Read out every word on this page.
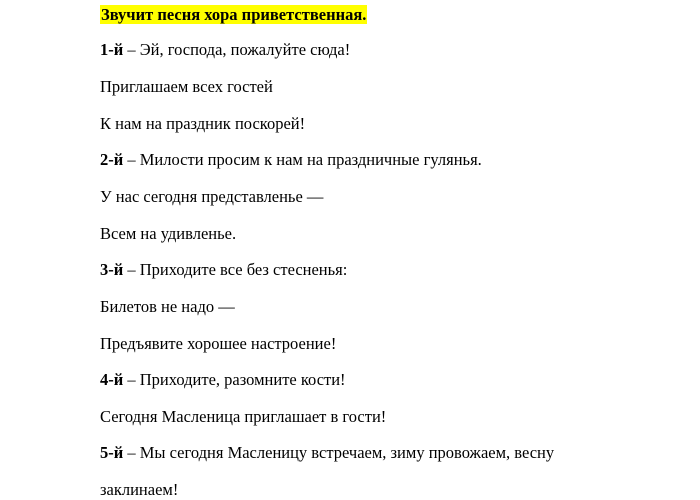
Звучит песня хора приветственная.
1-й – Эй, господа, пожалуйте сюда!
Приглашаем всех гостей
К нам на праздник поскорей!
2-й – Милости просим к нам на праздничные гулянья.
У нас сегодня представленье —
Всем на удивленье.
3-й – Приходите все без стесненья:
Билетов не надо —
Предъявите хорошее настроение!
4-й – Приходите, разомните кости!
Сегодня Масленица приглашает в гости!
5-й – Мы сегодня Масленицу встречаем, зиму провожаем, весну
заклинаем!
